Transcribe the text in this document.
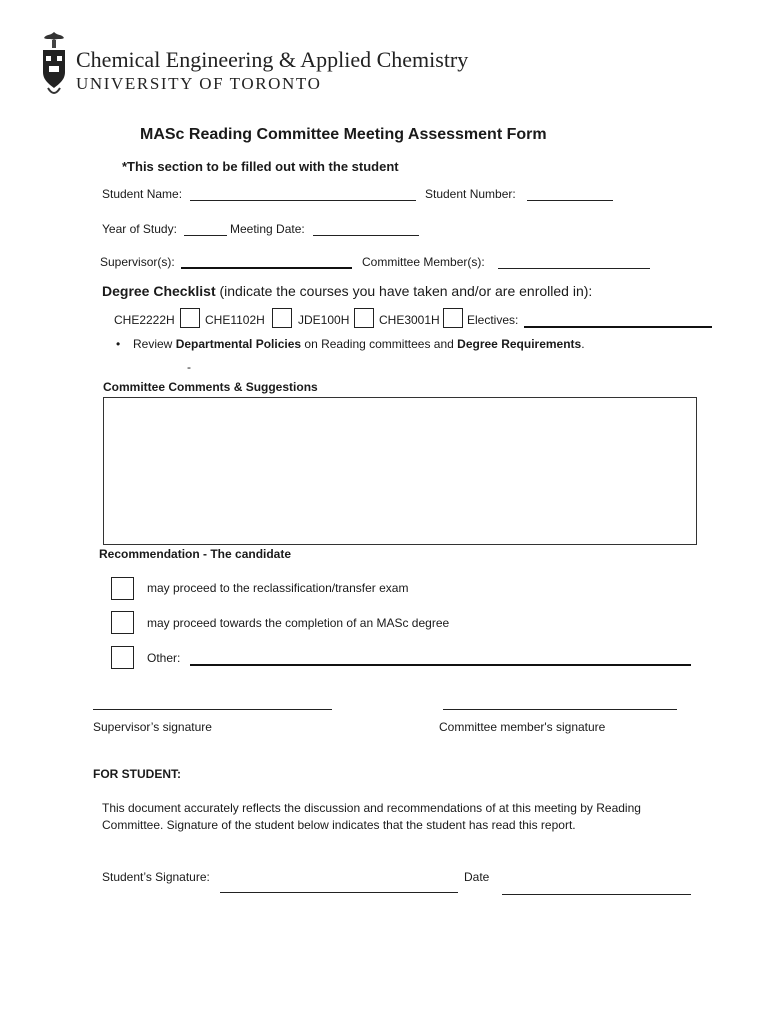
Chemical Engineering & Applied Chemistry
UNIVERSITY OF TORONTO
MASc Reading Committee Meeting Assessment Form
*This section to be filled out with the student
Student Name:	Student Number:
Year of Study:	Meeting Date:
Supervisor(s):	Committee Member(s):
Degree Checklist (indicate the courses you have taken and/or are enrolled in):
CHE2222H	CHE1102H	JDE100H CHE3001H Electives:
• Review Departmental Policies on Reading committees and Degree Requirements.
-
Committee Comments & Suggestions
Recommendation - The candidate
may proceed to the reclassification/transfer exam
may proceed towards the completion of an MASc degree
Other:
Supervisor’s signature	Committee member's signature
FOR STUDENT:
This document accurately reflects the discussion and recommendations of at this meeting by Reading Committee. Signature of the student below indicates that the student has read this report.
Student’s Signature:	Date
